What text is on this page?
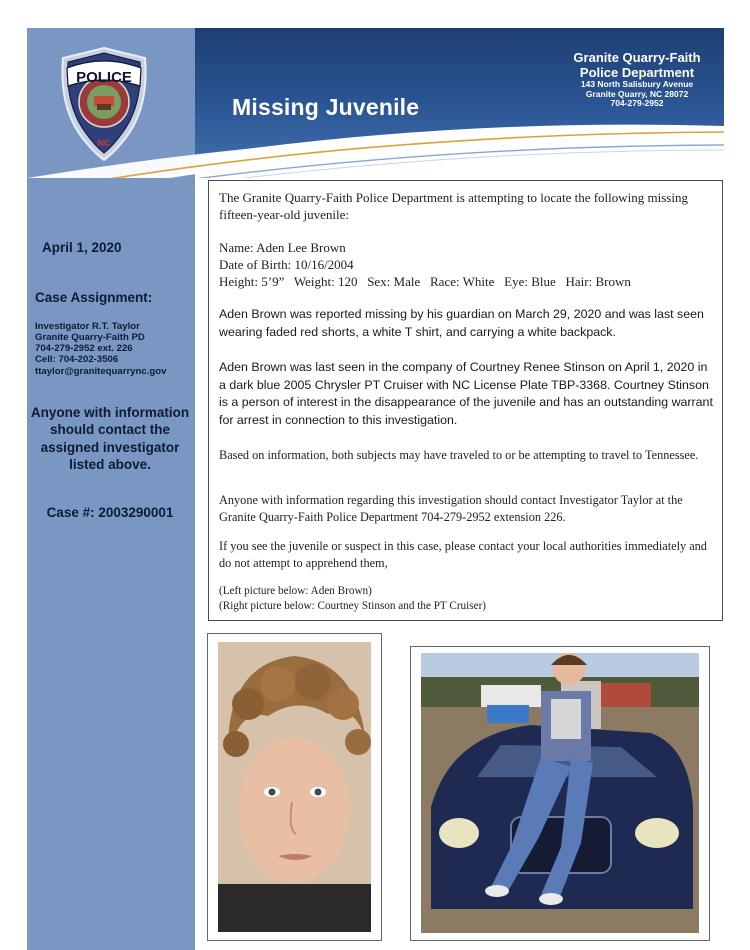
POLICE
NC
Missing Juvenile
Granite Quarry-Faith
Police Department
143 North Salisbury Avenue
Granite Quarry, NC 28072
704-279-2952
April 1, 2020
Case Assignment:
Investigator R.T. Taylor
Granite Quarry-Faith PD
704-279-2952 ext. 226
Cell: 704-202-3506
ttaylor@granitequarrync.gov
Anyone with information should contact the assigned investigator listed above.
Case #: 2003290001
The Granite Quarry-Faith Police Department is attempting to locate the following missing fifteen-year-old juvenile:

Name: Aden Lee Brown

Date of Birth: 10/16/2004

Height: 5’9”   Weight: 120   Sex: Male   Race: White   Eye: Blue   Hair: Brown

Aden Brown was reported missing by his guardian on March 29, 2020 and was last seen wearing faded red shorts, a white T shirt, and carrying a white backpack.
Aden Brown was last seen in the company of Courtney Renee Stinson on April 1, 2020 in a dark blue 2005 Chrysler PT Cruiser with NC License Plate TBP-3368. Courtney Stinson is a person of interest in the disappearance of the juvenile and has an outstanding warrant for arrest in connection to this investigation.
Based on information, both subjects may have traveled to or be attempting to travel to Tennessee.
Anyone with information regarding this investigation should contact Investigator Taylor at the Granite Quarry-Faith Police Department 704-279-2952 extension 226.
If you see the juvenile or suspect in this case, please contact your local authorities immediately and do not attempt to apprehend them,

(Left picture below: Aden Brown)

(Right picture below: Courtney Stinson and the PT Cruiser)
